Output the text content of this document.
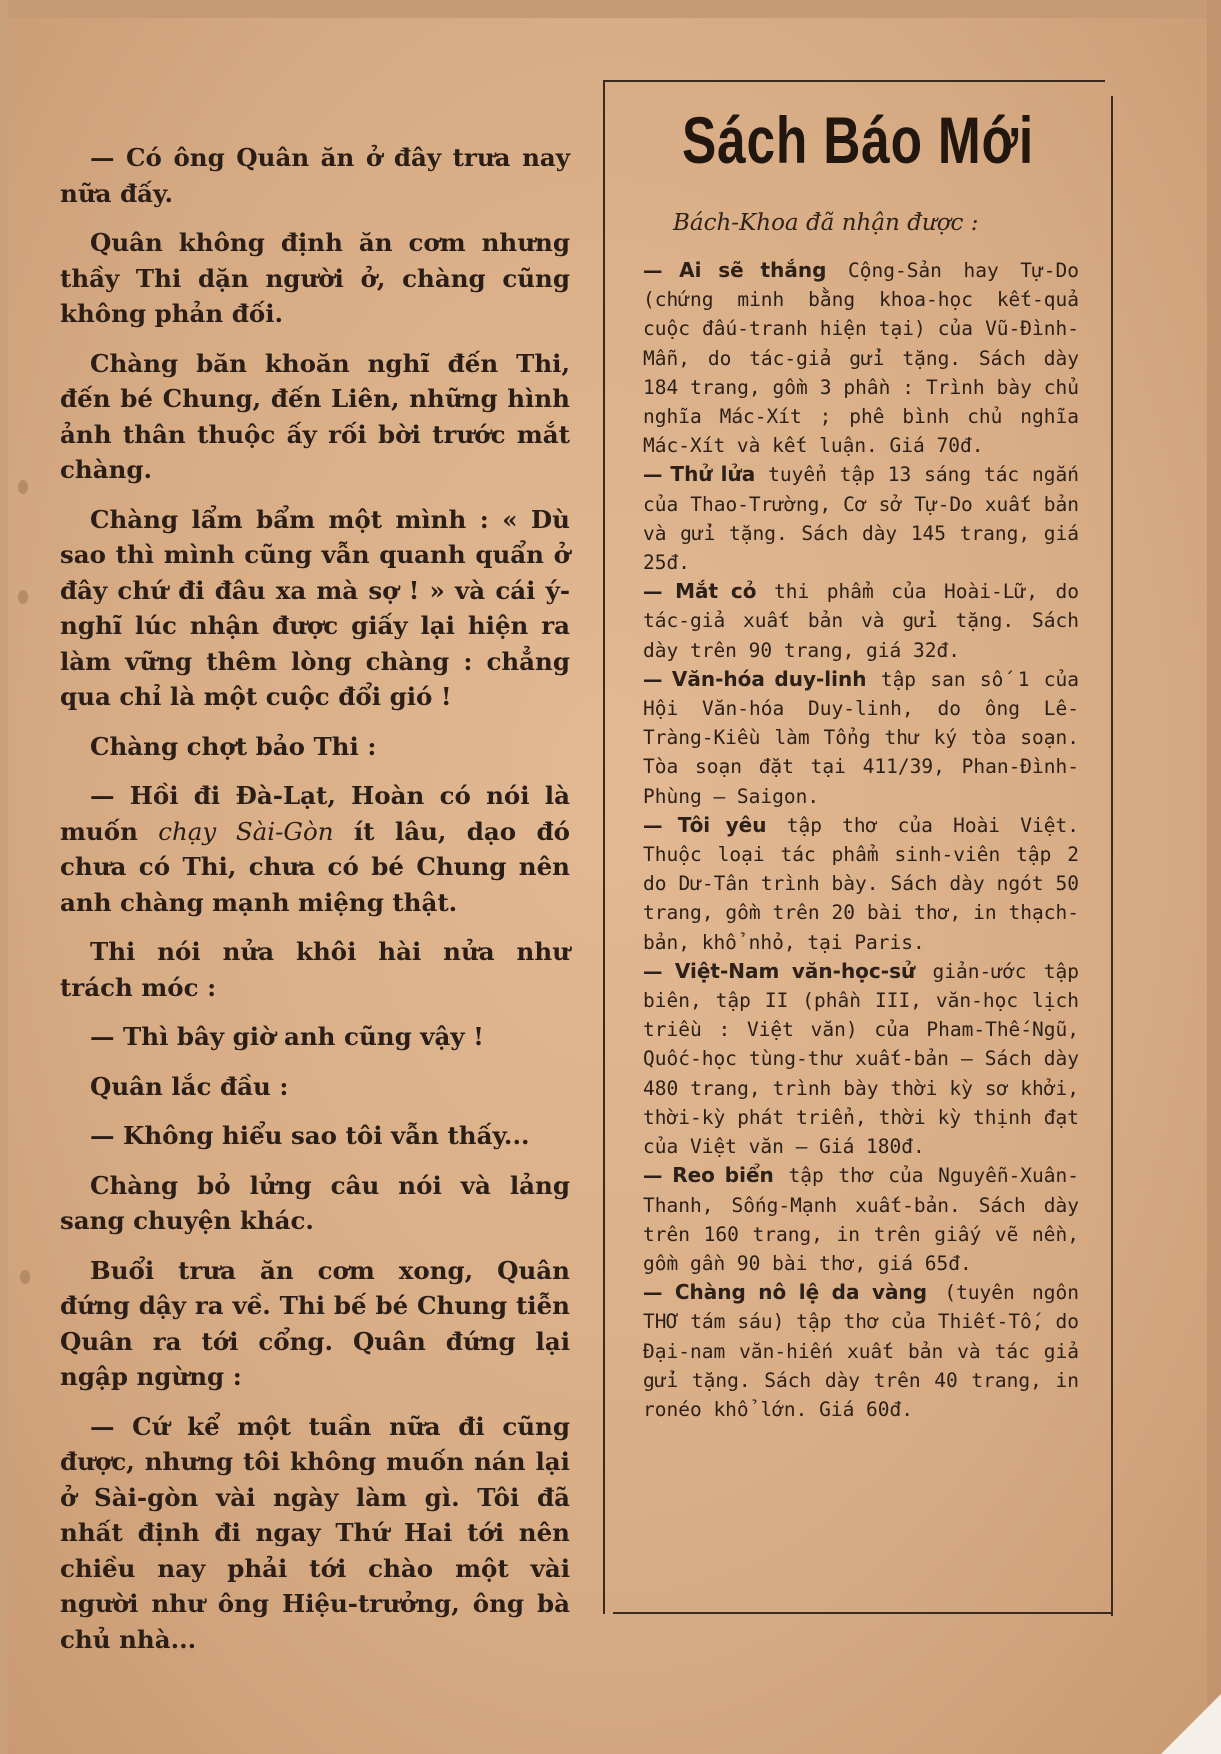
— Có ông Quân ăn ở đây trưa nay nữa đấy.

Quân không định ăn cơm nhưng thầy Thi dặn người ở, chàng cũng không phản đối.

Chàng băn khoăn nghĩ đến Thi, đến bé Chung, đến Liên, những hình ảnh thân thuộc ấy rối bời trước mắt chàng.

Chàng lẩm bẩm một mình : « Dù sao thì mình cũng vẫn quanh quẩn ở đây chứ đi đâu xa mà sợ ! » và cái ý-nghĩ lúc nhận được giấy lại hiện ra làm vững thêm lòng chàng : chẳng qua chỉ là một cuộc đổi gió !

Chàng chợt bảo Thi :

— Hồi đi Đà-Lạt, Hoàn có nói là muốn chạy Sài-Gòn ít lâu, dạo đó chưa có Thi, chưa có bé Chung nên anh chàng mạnh miệng thật.

Thi nói nửa khôi hài nửa như trách móc :

— Thì bây giờ anh cũng vậy !

Quân lắc đầu :

— Không hiểu sao tôi vẫn thấy...

Chàng bỏ lửng câu nói và lảng sang chuyện khác.

Buổi trưa ăn cơm xong, Quân đứng dậy ra về. Thi bế bé Chung tiễn Quân ra tới cổng. Quân đứng lại ngập ngừng :

— Cứ kể một tuần nữa đi cũng được, nhưng tôi không muốn nán lại ở Sài-gòn vài ngày làm gì. Tôi đã nhất định đi ngay Thứ Hai tới nên chiều nay phải tới chào một vài người như ông Hiệu-trưởng, ông bà chủ nhà...

Sách Báo Mới
Bách-Khoa đã nhận được :

— Ai sẽ thắng Cộng-Sản hay Tự-Do (chứng minh bằng khoa-học kết-quả cuộc đấu-tranh hiện tại) của Vũ-Đình-Mẫn, do tác-giả gửi tặng. Sách dày 184 trang, gồm 3 phần : Trình bày chủ nghĩa Mác-Xít ; phê bình chủ nghĩa Mác-Xít và kết luận. Giá 70đ.

— Thử lửa tuyển tập 13 sáng tác ngắn của Thao-Trường, Cơ sở Tự-Do xuất bản và gửi tặng. Sách dày 145 trang, giá 25đ.

— Mắt cỏ thi phẩm của Hoài-Lữ, do tác-giả xuất bản và gửi tặng. Sách dày trên 90 trang, giá 32đ.

— Văn-hóa duy-linh tập san số 1 của Hội Văn-hóa Duy-linh, do ông Lê-Tràng-Kiều làm Tổng thư ký tòa soạn. Tòa soạn đặt tại 411/39, Phan-Đình-Phùng – Saigon.

— Tôi yêu tập thơ của Hoài Việt. Thuộc loại tác phẩm sinh-viên tập 2 do Dư-Tân trình bày. Sách dày ngót 50 trang, gồm trên 20 bài thơ, in thạch-bản, khổ nhỏ, tại Paris.

— Việt-Nam văn-học-sử giản-ước tập biên, tập II (phần III, văn-học lịch triều : Việt văn) của Pham-Thế-Ngũ, Quốc-học tùng-thư xuất-bản — Sách dày 480 trang, trình bày thời kỳ sơ khởi, thời-kỳ phát triển, thời kỳ thịnh đạt của Việt văn — Giá 180đ.

— Reo biển tập thơ của Nguyễn-Xuân-Thanh, Sống-Mạnh xuất-bản. Sách dày trên 160 trang, in trên giấy vẽ nền, gồm gần 90 bài thơ, giá 65đ.

— Chàng nô lệ da vàng (tuyên ngôn THƠ tám sáu) tập thơ của Thiết-Tố, do Đại-nam văn-hiến xuất bản và tác giả gửi tặng. Sách dày trên 40 trang, in ronéo khổ lớn. Giá 60đ.
